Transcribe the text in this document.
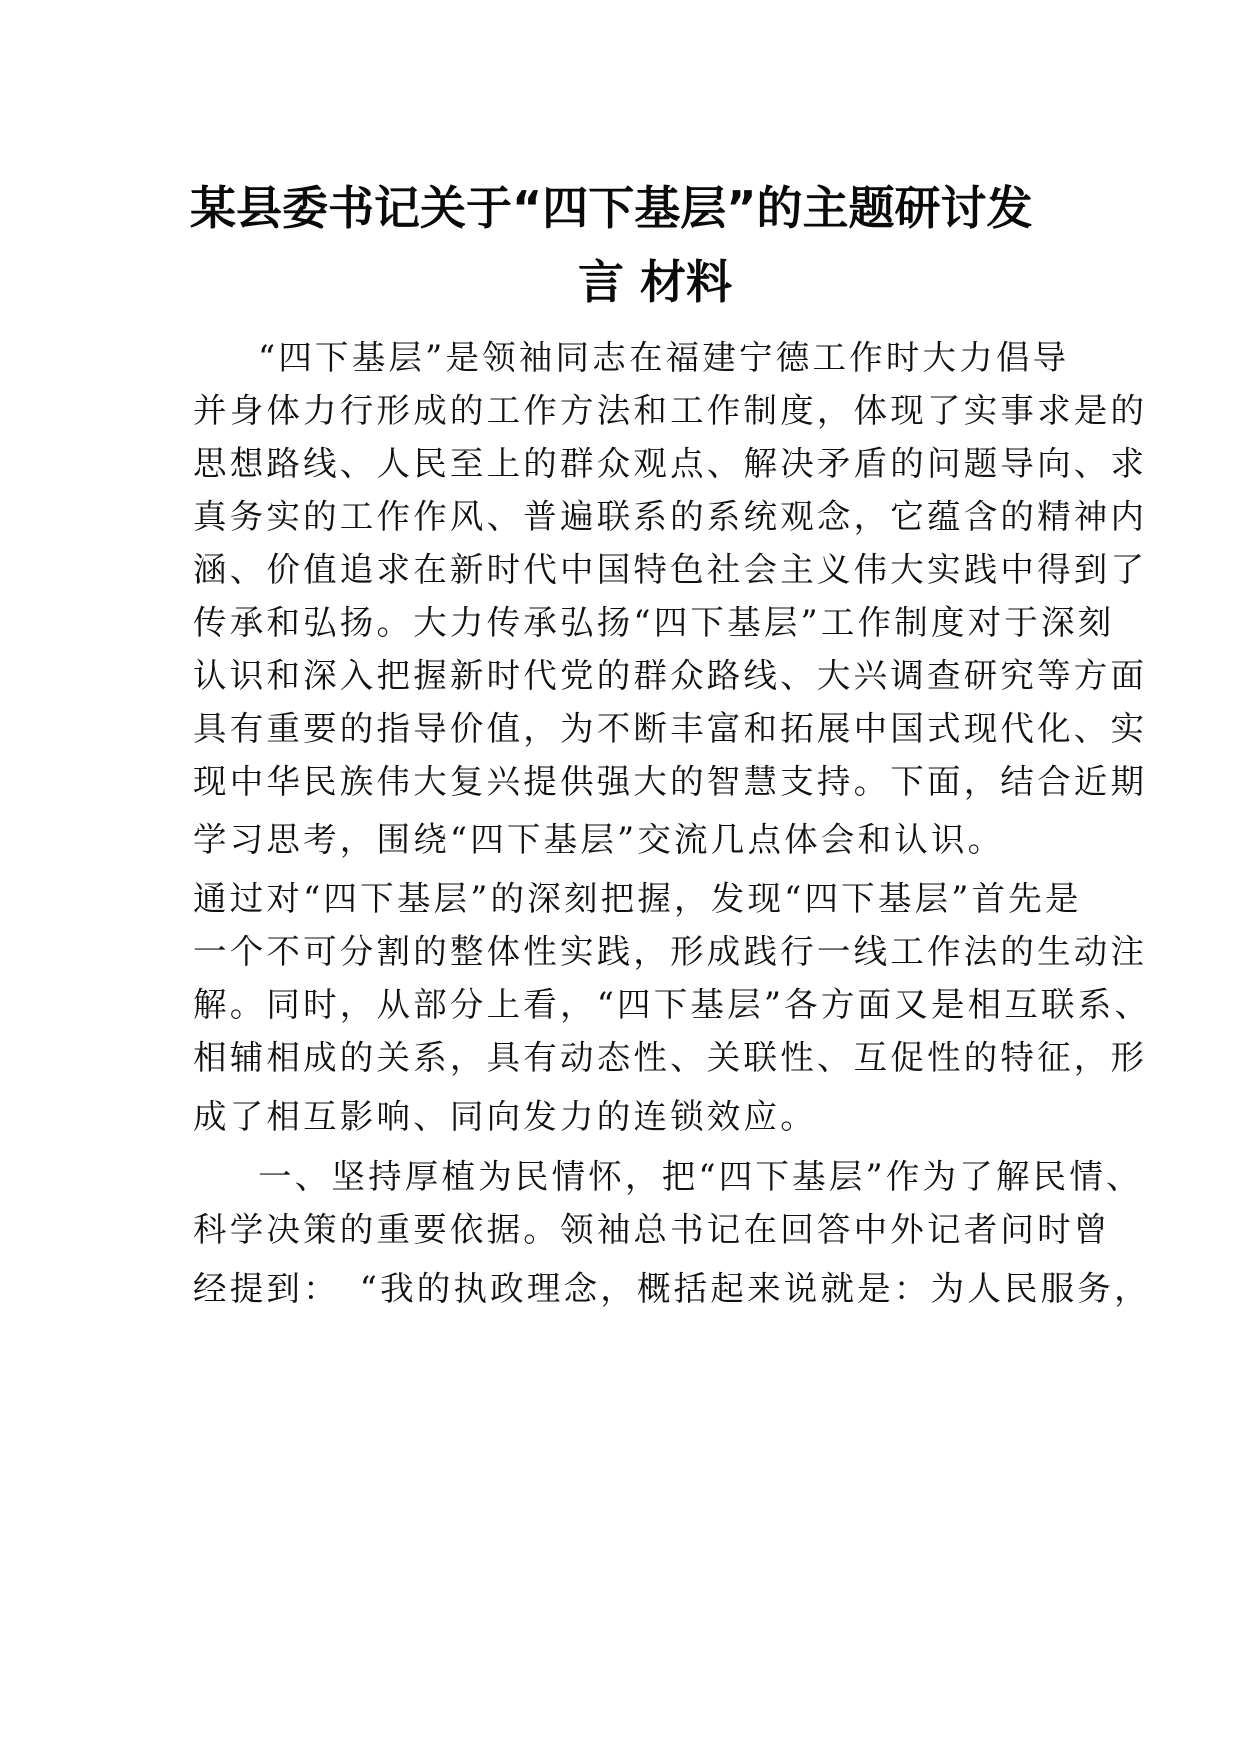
某县委书记关于“四下基层”的主题研讨发
言 材料
“四下基层”是领袖同志在福建宁德工作时大力倡导
并身体力行形成的工作方法和工作制度，体现了实事求是的
思想路线、人民至上的群众观点、解决矛盾的问题导向、求
真务实的工作作风、普遍联系的系统观念，它蕴含的精神内
涵、价值追求在新时代中国特色社会主义伟大实践中得到了
传承和弘扬。大力传承弘扬“四下基层”工作制度对于深刻
认识和深入把握新时代党的群众路线、大兴调查研究等方面
具有重要的指导价值，为不断丰富和拓展中国式现代化、实
现中华民族伟大复兴提供强大的智慧支持。下面，结合近期
学习思考，围绕“四下基层”交流几点体会和认识。
通过对“四下基层”的深刻把握，发现“四下基层”首先是
一个不可分割的整体性实践，形成践行一线工作法的生动注
解。同时，从部分上看，“四下基层”各方面又是相互联系、
相辅相成的关系，具有动态性、关联性、互促性的特征，形
成了相互影响、同向发力的连锁效应。
一、坚持厚植为民情怀，把“四下基层”作为了解民情、
科学决策的重要依据。领袖总书记在回答中外记者问时曾
经提到：　“我的执政理念，概括起来说就是：为人民服务，
